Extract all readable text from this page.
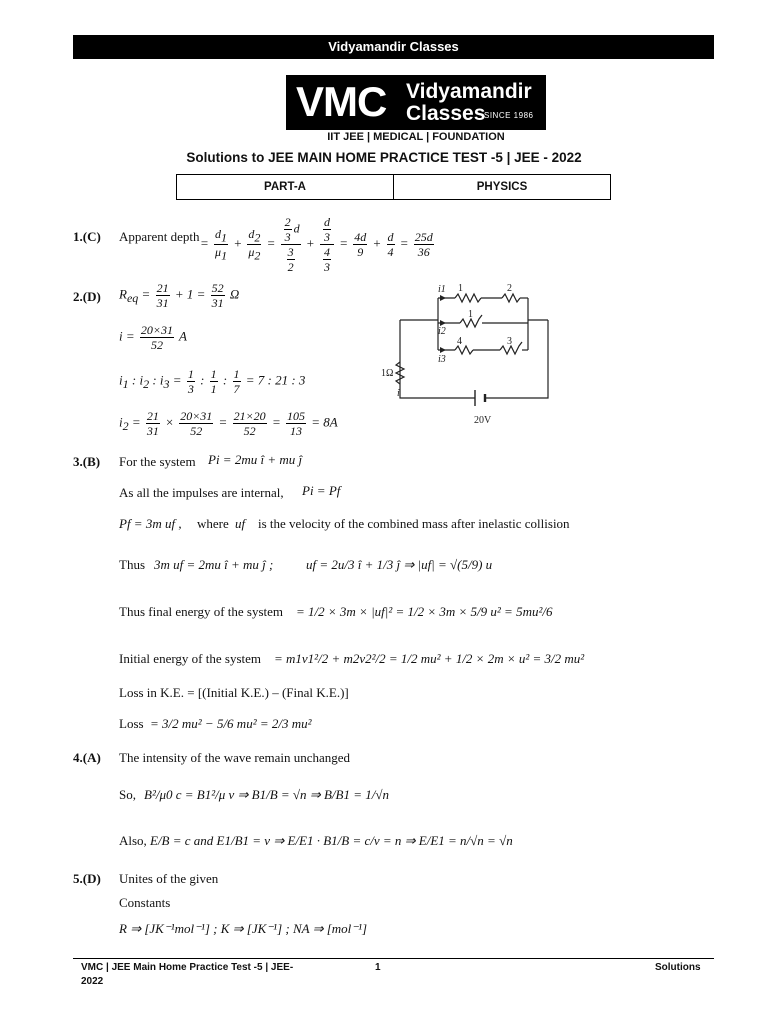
Vidyamandir Classes
VMC Vidyamandir
Classes
SINCE 1986
IIT JEE | MEDICAL | FOUNDATION
Solutions to JEE MAIN HOME PRACTICE TEST -5 | JEE - 2022
PART-A	PHYSICS
1.(C) Apparent depth = $\frac{d_1}{\mu_1} + \frac{d_2}{\mu_2} = \frac{\frac{2}{3} d}{\frac{3}{2}} + \frac{\frac{d}{3}}{\frac{4}{3}} = \frac{4d}{9} + \frac{d}{4} = \frac{25d}{36}$
2.(D) $R_{eq} = \frac{21}{31} + 1 = \frac{52}{31}$ Ω
$i = \frac{20\times 31}{52}$ A
$i_1$ : $i_2$ : $i_3 = \frac{1}{3}$ : $\frac{1}{1}$ : $\frac{1}{7} = 7$ : 21 : 3
$i_2 = \frac{21}{31} \times \frac{20\times 31}{52} = \frac{21\times 20}{52} = \frac{105}{13} = 8A$
i1 1	2
1
i2
4	3
i3
1Ω
i
20V
3.(B) For the system Pi = 2mu î + mu ĵ
As all the impulses are internal, Pi = Pf
Pf = 3m uf , where uf is the velocity of the combined mass after inelastic collision
Thus 3m uf = 2mu î + mu ĵ ;	uf = 2u/3 î + 1/3 ĵ ⇒ |uf| = √(5/9) u
Thus final energy of the system = 1/2 × 3m × |uf|² = 1/2 × 3m × 5/9 u² = 5mu²/6
Initial energy of the system = m1v1²/2 + m2v2²/2 = 1/2 mu² + 1/2 × 2m × u² = 3/2 mu²
Loss in K.E. = [(Initial K.E.) – (Final K.E.)]
Loss = 3/2 mu² − 5/6 mu² = 2/3 mu²
4.(A) The intensity of the wave remain unchanged
So, B²/μ0 c = B1²/μ v ⇒ B1/B = √n ⇒ B/B1 = 1/√n
Also, E/B = c and E1/B1 = v ⇒ E/E1 · B1/B = c/v = n ⇒ E/E1 = n/√n = √n
5.(D) Unites of the given
Constants
R ⇒ [JK⁻¹mol⁻¹] ; K ⇒ [JK⁻¹] ; NA ⇒ [mol⁻¹]
VMC | JEE Main Home Practice Test -5 | JEE-
2022
1	Solutions
